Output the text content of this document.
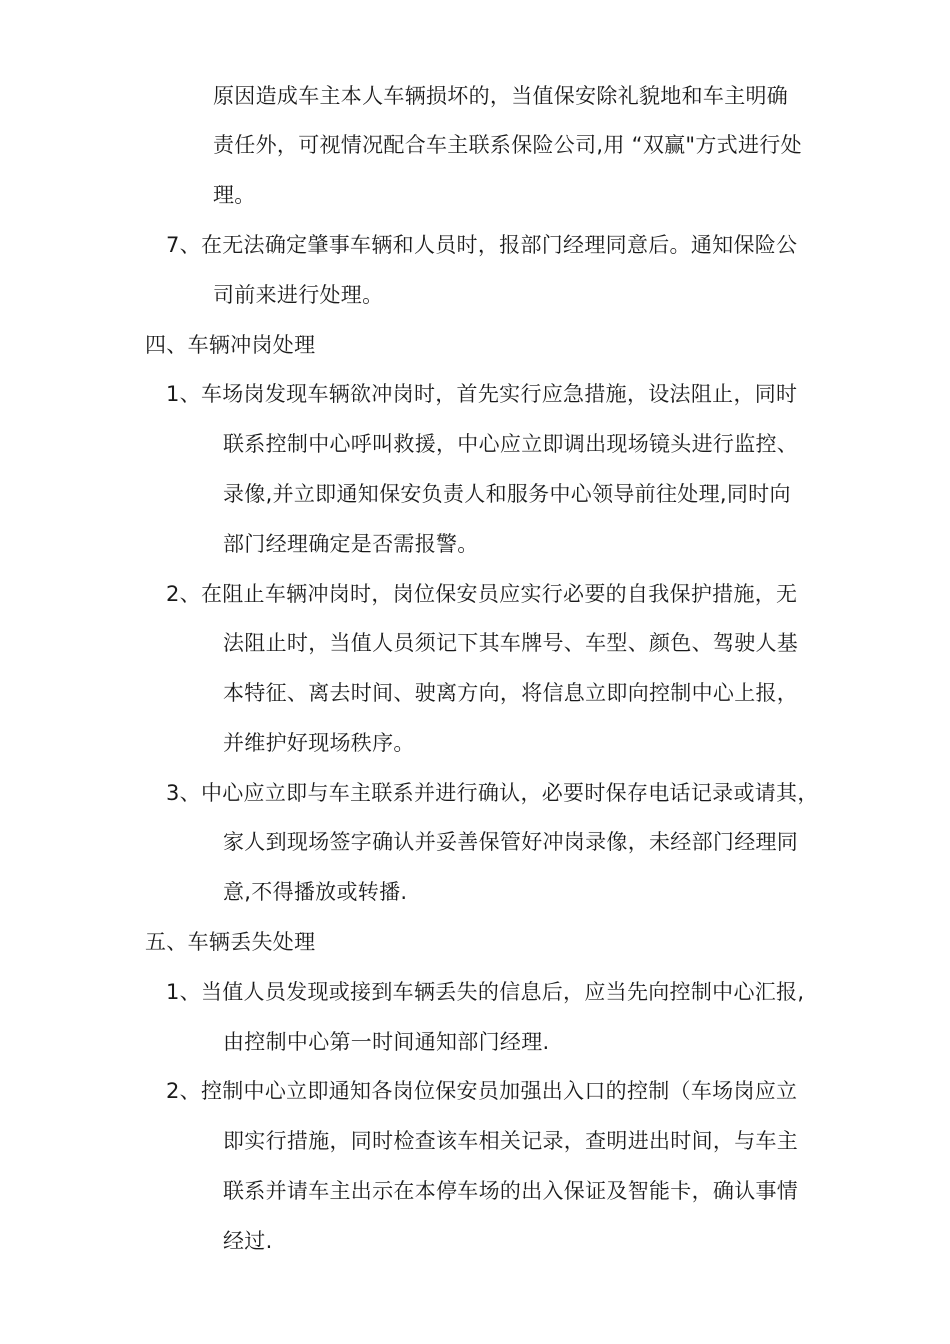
原因造成车主本人车辆损坏的，当值保安除礼貌地和车主明确
责任外，可视情况配合车主联系保险公司,用 “双赢"方式进行处
理。
7、在无法确定肇事车辆和人员时，报部门经理同意后。通知保险公
司前来进行处理。
四、车辆冲岗处理
1、车场岗发现车辆欲冲岗时，首先实行应急措施，设法阻止，同时
联系控制中心呼叫救援，中心应立即调出现场镜头进行监控、
录像,并立即通知保安负责人和服务中心领导前往处理,同时向
部门经理确定是否需报警。
2、在阻止车辆冲岗时，岗位保安员应实行必要的自我保护措施，无
法阻止时，当值人员须记下其车牌号、车型、颜色、驾驶人基
本特征、离去时间、驶离方向，将信息立即向控制中心上报，
并维护好现场秩序。
3、中心应立即与车主联系并进行确认，必要时保存电话记录或请其，
家人到现场签字确认并妥善保管好冲岗录像，未经部门经理同
意,不得播放或转播.
五、车辆丢失处理
1、当值人员发现或接到车辆丢失的信息后，应当先向控制中心汇报,
由控制中心第一时间通知部门经理.
2、控制中心立即通知各岗位保安员加强出入口的控制（车场岗应立
即实行措施，同时检查该车相关记录，查明进出时间，与车主
联系并请车主出示在本停车场的出入保证及智能卡，确认事情
经过.
